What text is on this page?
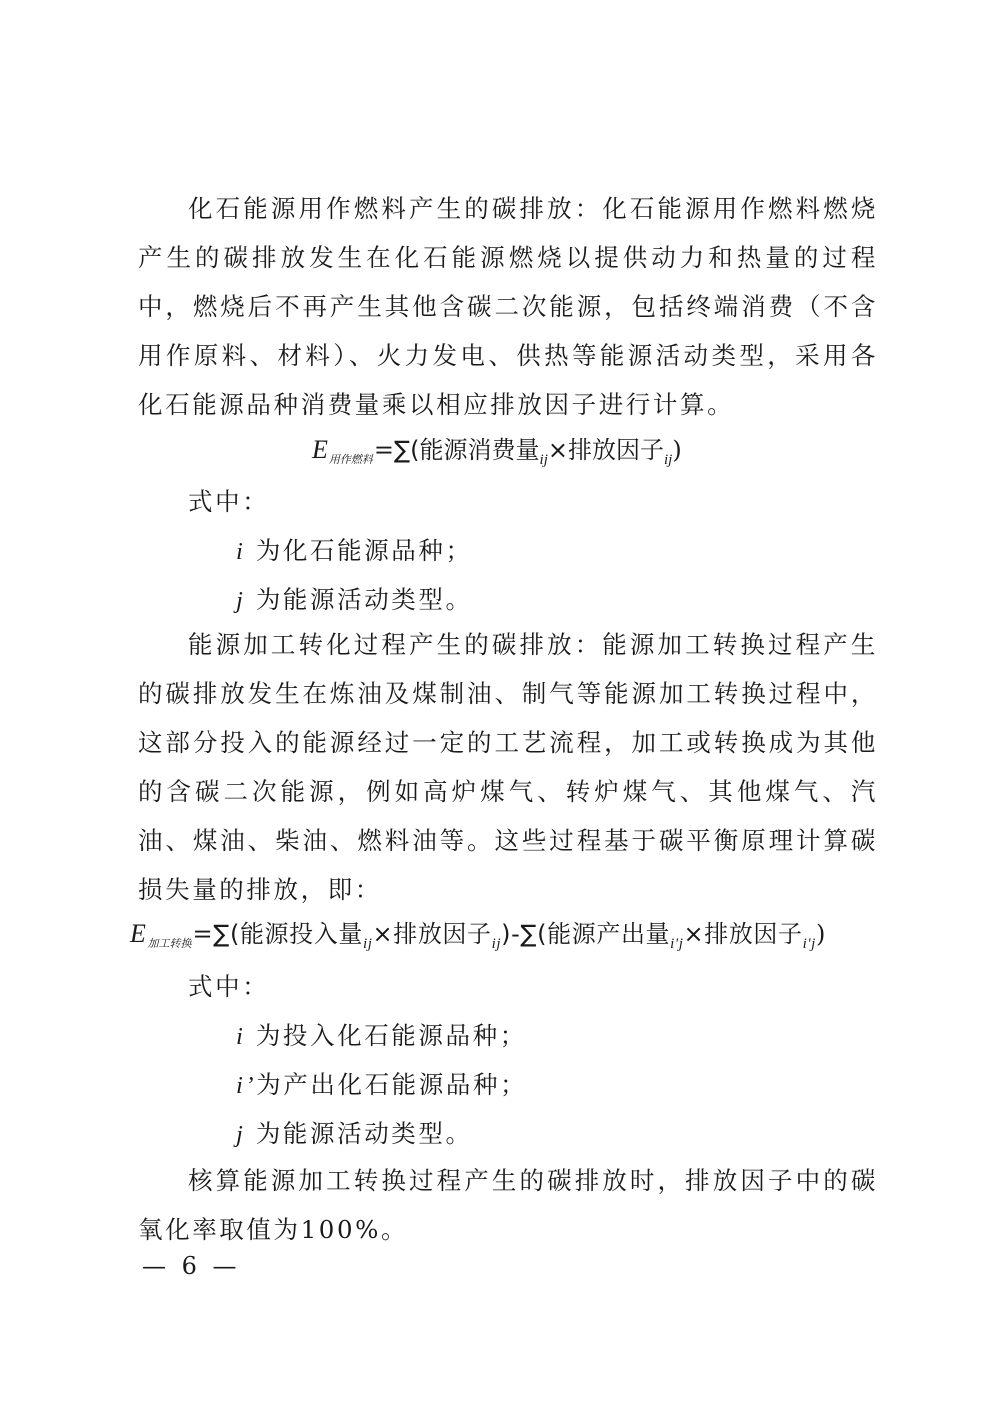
化石能源用作燃料产生的碳排放：化石能源用作燃料燃烧产生的碳排放发生在化石能源燃烧以提供动力和热量的过程中，燃烧后不再产生其他含碳二次能源，包括终端消费（不含用作原料、材料）、火力发电、供热等能源活动类型，采用各化石能源品种消费量乘以相应排放因子进行计算。

$E_{用作燃料}=\sum$(能源消费量$_{ij}$×排放因子$_{ij}$)
式中：
i 为化石能源品种；
j 为能源活动类型。

能源加工转化过程产生的碳排放：能源加工转换过程产生的碳排放发生在炼油及煤制油、制气等能源加工转换过程中，这部分投入的能源经过一定的工艺流程，加工或转换成为其他的含碳二次能源，例如高炉煤气、转炉煤气、其他煤气、汽油、煤油、柴油、燃料油等。这些过程基于碳平衡原理计算碳损失量的排放，即：

$E_{加工转换}=\sum$(能源投入量$_{ij}$×排放因子$_{ij}$)-∑(能源产出量$_{i'j}$×排放因子$_{i'j}$)
式中：
i 为投入化石能源品种；
i’为产出化石能源品种；
j 为能源活动类型。

核算能源加工转换过程产生的碳排放时，排放因子中的碳氧化率取值为100%。

— 6 —
